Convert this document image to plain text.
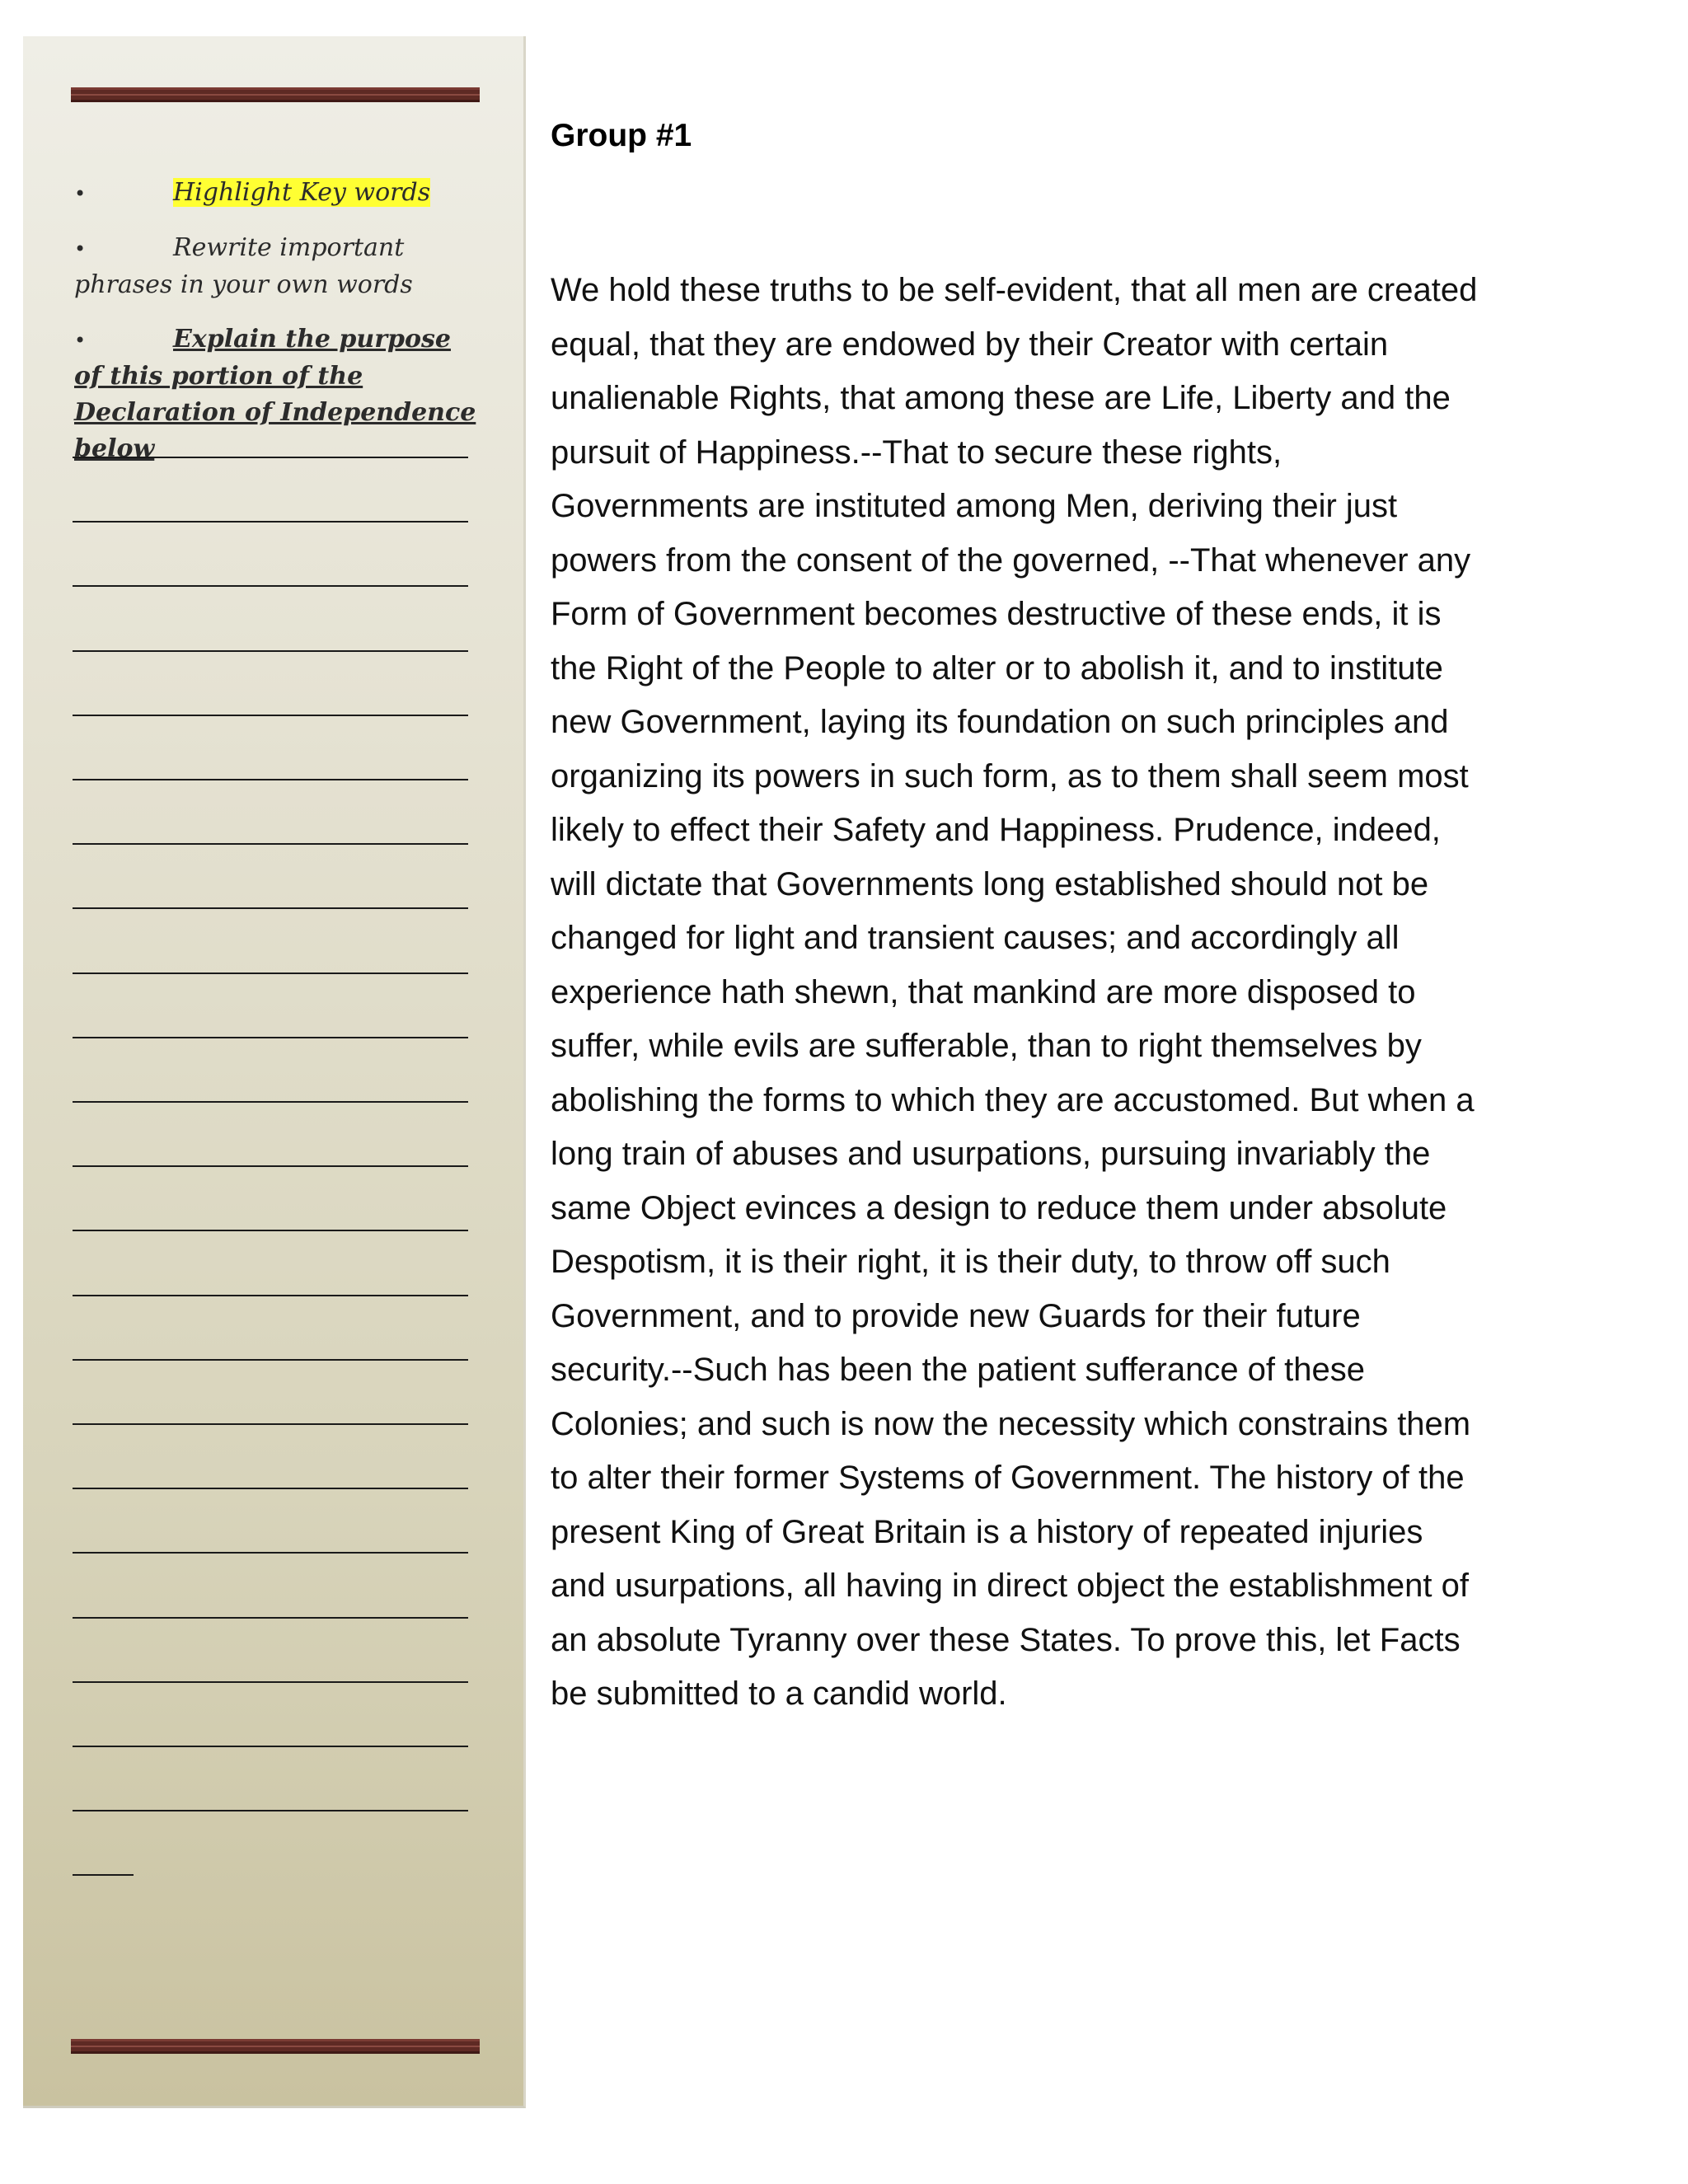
•	Highlight Key words
•	Rewrite important phrases in your own words
•	Explain the purpose of this portion of the Declaration of Independence below
Group #1
We hold these truths to be self-evident, that all men are created equal, that they are endowed by their Creator with certain unalienable Rights, that among these are Life, Liberty and the pursuit of Happiness.--That to secure these rights, Governments are instituted among Men, deriving their just powers from the consent of the governed, --That whenever any Form of Government becomes destructive of these ends, it is the Right of the People to alter or to abolish it, and to institute new Government, laying its foundation on such principles and organizing its powers in such form, as to them shall seem most likely to effect their Safety and Happiness. Prudence, indeed, will dictate that Governments long established should not be changed for light and transient causes; and accordingly all experience hath shewn, that mankind are more disposed to suffer, while evils are sufferable, than to right themselves by abolishing the forms to which they are accustomed. But when a long train of abuses and usurpations, pursuing invariably the same Object evinces a design to reduce them under absolute Despotism, it is their right, it is their duty, to throw off such Government, and to provide new Guards for their future security.--Such has been the patient sufferance of these Colonies; and such is now the necessity which constrains them to alter their former Systems of Government. The history of the present King of Great Britain is a history of repeated injuries and usurpations, all having in direct object the establishment of an absolute Tyranny over these States. To prove this, let Facts be submitted to a candid world.
